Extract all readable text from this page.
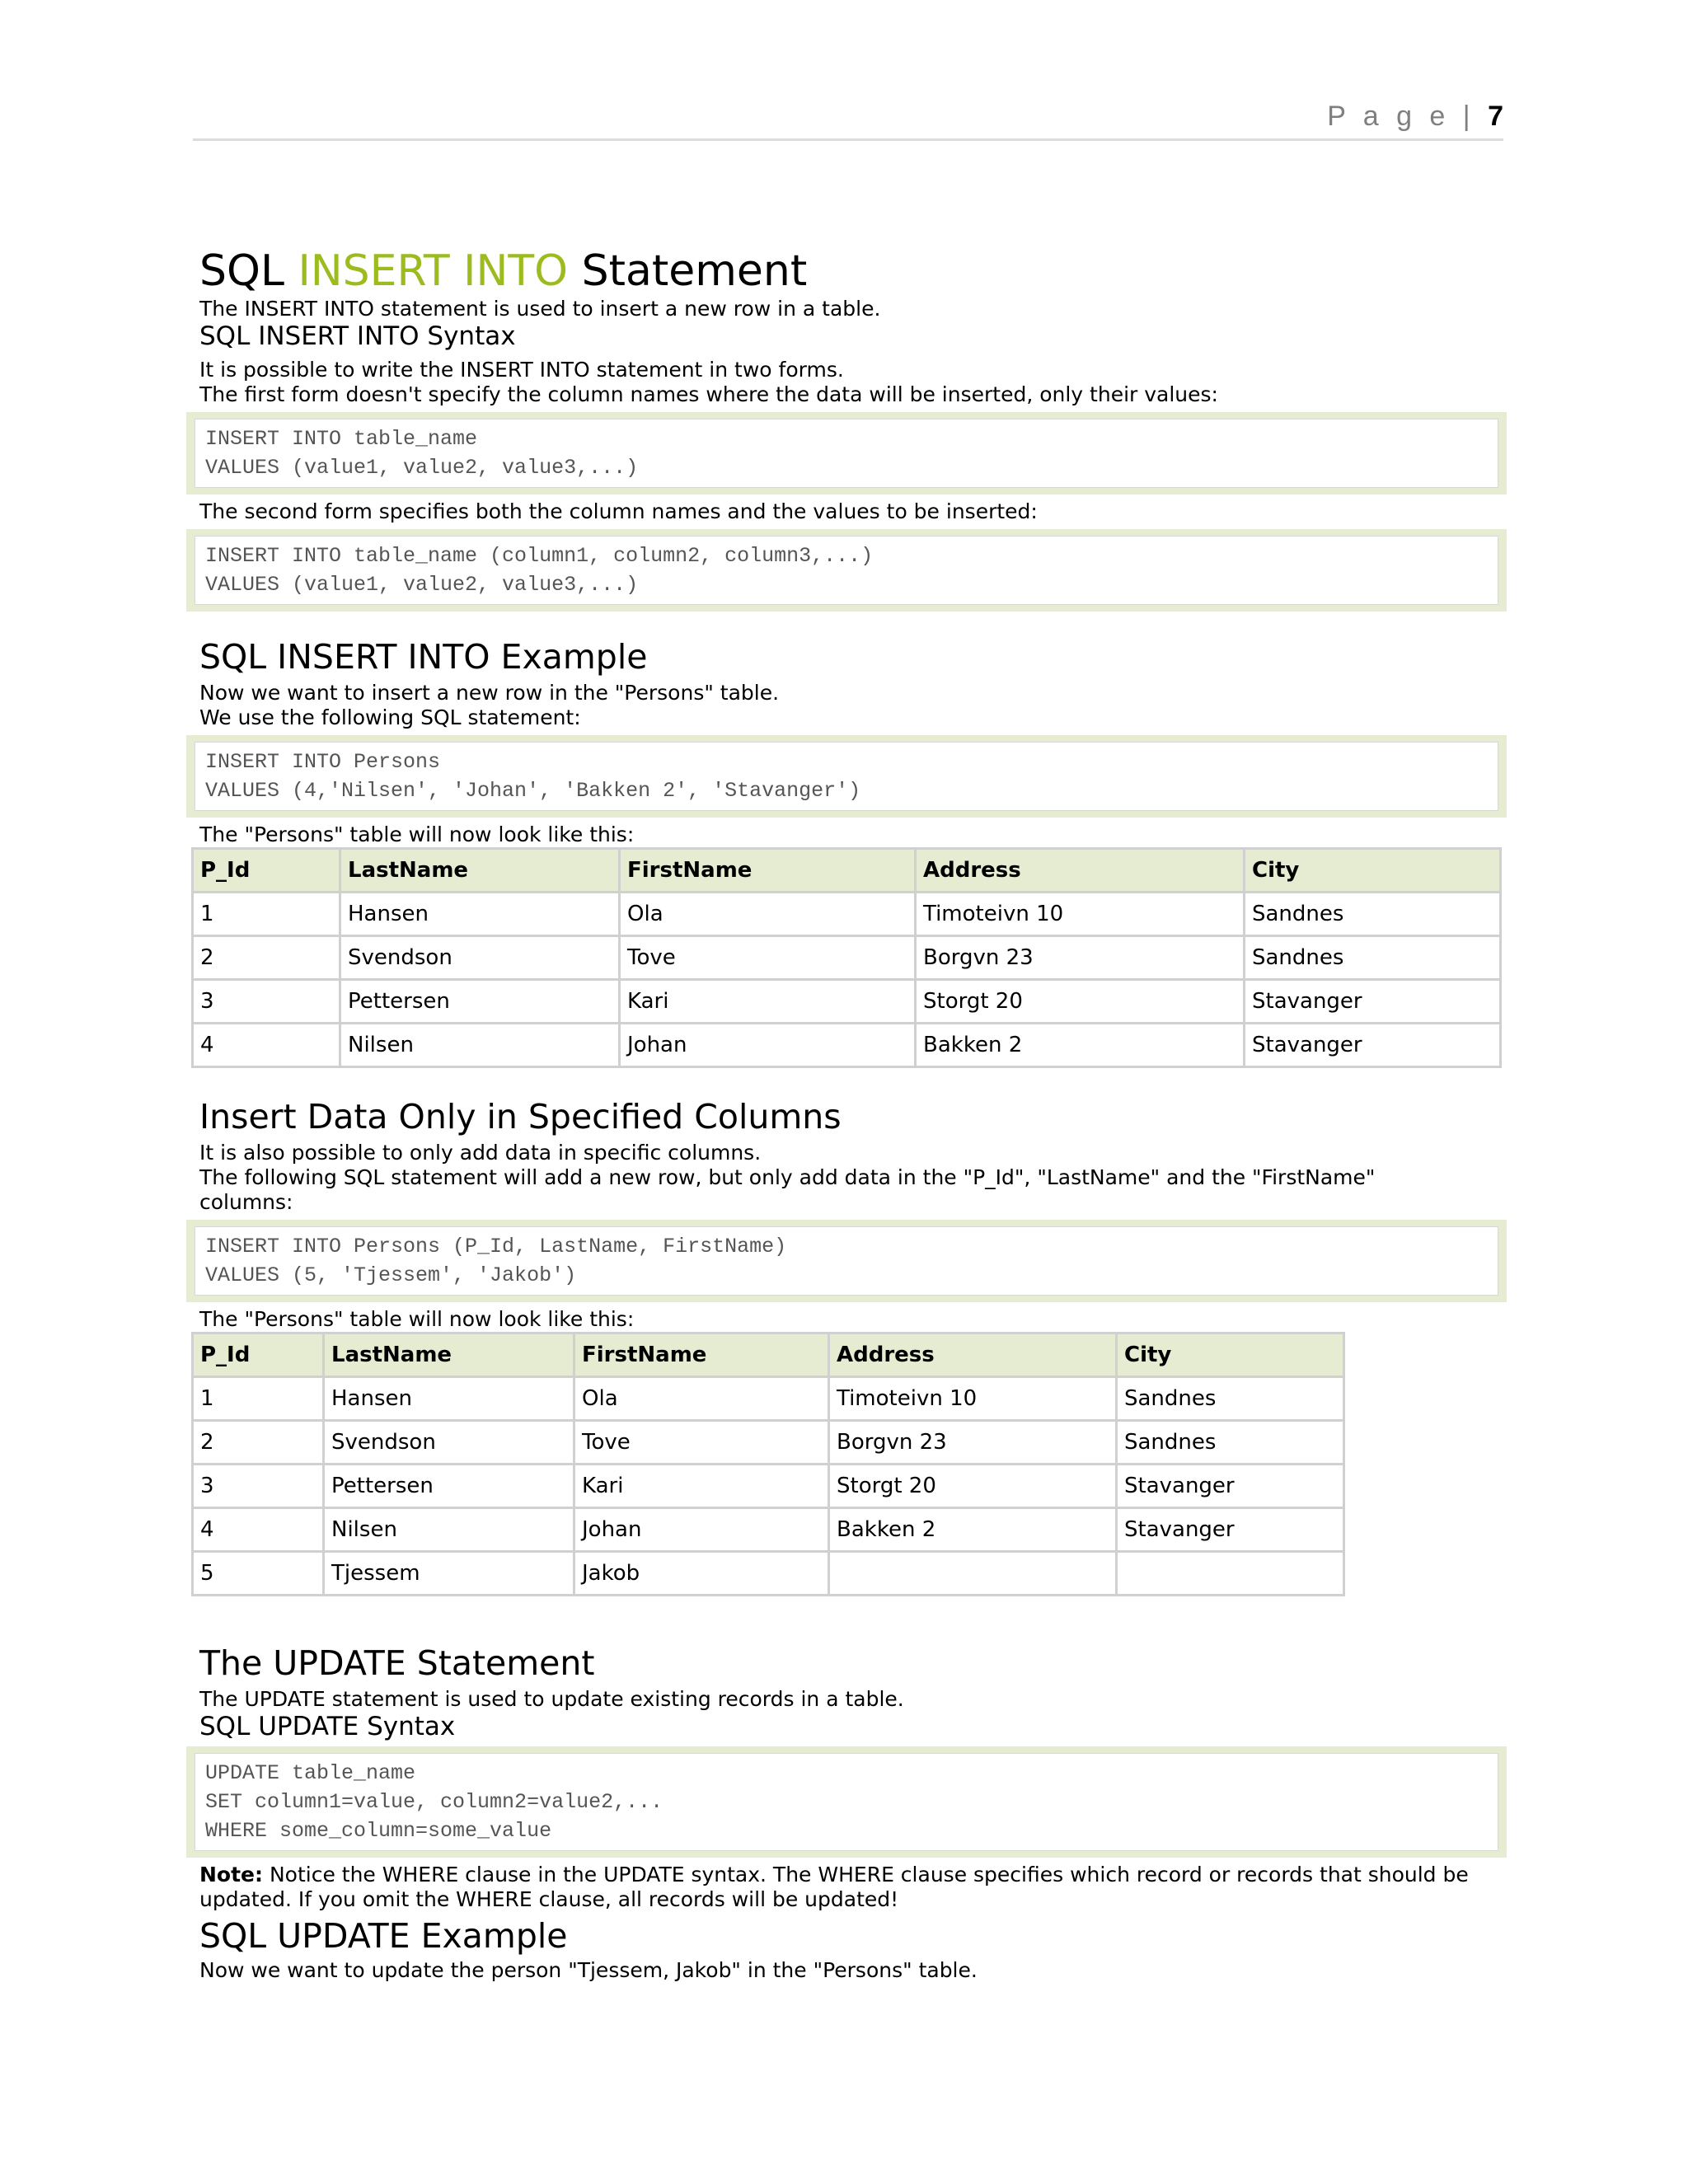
P a g e | 7
SQL INSERT INTO Statement

The INSERT INTO statement is used to insert a new row in a table.

SQL INSERT INTO Syntax

It is possible to write the INSERT INTO statement in two forms.

The first form doesn't specify the column names where the data will be inserted, only their values:

INSERT INTO table_name
VALUES (value1, value2, value3,...)

The second form specifies both the column names and the values to be inserted:

INSERT INTO table_name (column1, column2, column3,...)
VALUES (value1, value2, value3,...)
SQL INSERT INTO Example

Now we want to insert a new row in the "Persons" table.

We use the following SQL statement:

INSERT INTO Persons
VALUES (4,'Nilsen', 'Johan', 'Bakken 2', 'Stavanger')

The "Persons" table will now look like this:

P_Id	LastName	FirstName	Address	City
1	Hansen	Ola	Timoteivn 10	Sandnes
2	Svendson	Tove	Borgvn 23	Sandnes
3	Pettersen	Kari	Storgt 20	Stavanger
4	Nilsen	Johan	Bakken 2	Stavanger
Insert Data Only in Specified Columns

It is also possible to only add data in specific columns.

The following SQL statement will add a new row, but only add data in the "P_Id", "LastName" and the "FirstName" columns:

INSERT INTO Persons (P_Id, LastName, FirstName)
VALUES (5, 'Tjessem', 'Jakob')

The "Persons" table will now look like this:

P_Id	LastName	FirstName	Address	City
1	Hansen	Ola	Timoteivn 10	Sandnes
2	Svendson	Tove	Borgvn 23	Sandnes
3	Pettersen	Kari	Storgt 20	Stavanger
4	Nilsen	Johan	Bakken 2	Stavanger
5	Tjessem	Jakob		
The UPDATE Statement

The UPDATE statement is used to update existing records in a table.

SQL UPDATE Syntax
UPDATE table_name
SET column1=value, column2=value2,...
WHERE some_column=some_value

Note: Notice the WHERE clause in the UPDATE syntax. The WHERE clause specifies which record or records that should be updated. If you omit the WHERE clause, all records will be updated!

SQL UPDATE Example

Now we want to update the person "Tjessem, Jakob" in the "Persons" table.
